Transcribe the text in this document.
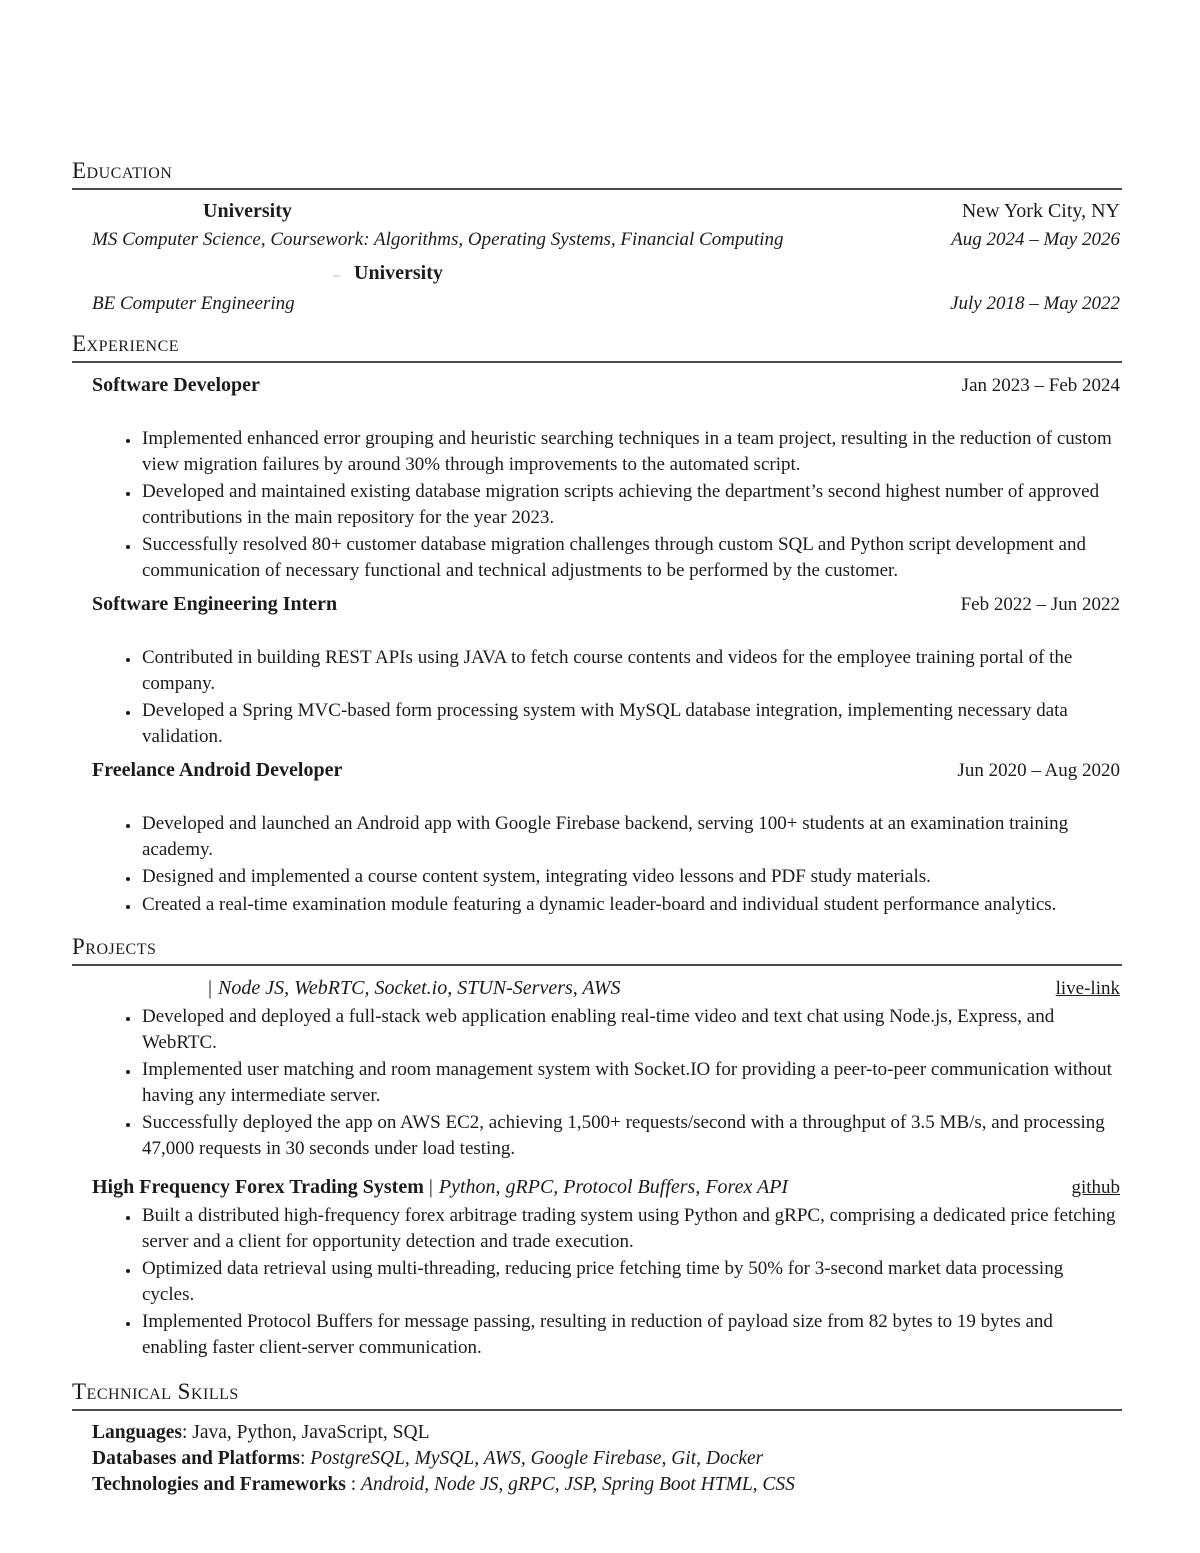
Education
University	New York City, NY
MS Computer Science, Coursework: Algorithms, Operating Systems, Financial Computing	Aug 2024 – May 2026
– University
BE Computer Engineering	July 2018 – May 2022
Experience
Software Developer	Jan 2023 – Feb 2024
• Implemented enhanced error grouping and heuristic searching techniques in a team project, resulting in the reduction of custom view migration failures by around 30% through improvements to the automated script.
• Developed and maintained existing database migration scripts achieving the department’s second highest number of approved contributions in the main repository for the year 2023.
• Successfully resolved 80+ customer database migration challenges through custom SQL and Python script development and communication of necessary functional and technical adjustments to be performed by the customer.
Software Engineering Intern	Feb 2022 – Jun 2022
• Contributed in building REST APIs using JAVA to fetch course contents and videos for the employee training portal of the company.
• Developed a Spring MVC-based form processing system with MySQL database integration, implementing necessary data validation.
Freelance Android Developer	Jun 2020 – Aug 2020
• Developed and launched an Android app with Google Firebase backend, serving 100+ students at an examination training academy.
• Designed and implemented a course content system, integrating video lessons and PDF study materials.
• Created a real-time examination module featuring a dynamic leader-board and individual student performance analytics.
Projects
| Node JS, WebRTC, Socket.io, STUN-Servers, AWS	live-link
• Developed and deployed a full-stack web application enabling real-time video and text chat using Node.js, Express, and WebRTC.
• Implemented user matching and room management system with Socket.IO for providing a peer-to-peer communication without having any intermediate server.
• Successfully deployed the app on AWS EC2, achieving 1,500+ requests/second with a throughput of 3.5 MB/s, and processing 47,000 requests in 30 seconds under load testing.
High Frequency Forex Trading System | Python, gRPC, Protocol Buffers, Forex API	github
• Built a distributed high-frequency forex arbitrage trading system using Python and gRPC, comprising a dedicated price fetching server and a client for opportunity detection and trade execution.
• Optimized data retrieval using multi-threading, reducing price fetching time by 50% for 3-second market data processing cycles.
• Implemented Protocol Buffers for message passing, resulting in reduction of payload size from 82 bytes to 19 bytes and enabling faster client-server communication.
Technical Skills
Languages: Java, Python, JavaScript, SQL
Databases and Platforms: PostgreSQL, MySQL, AWS, Google Firebase, Git, Docker
Technologies and Frameworks : Android, Node JS, gRPC, JSP, Spring Boot HTML, CSS
